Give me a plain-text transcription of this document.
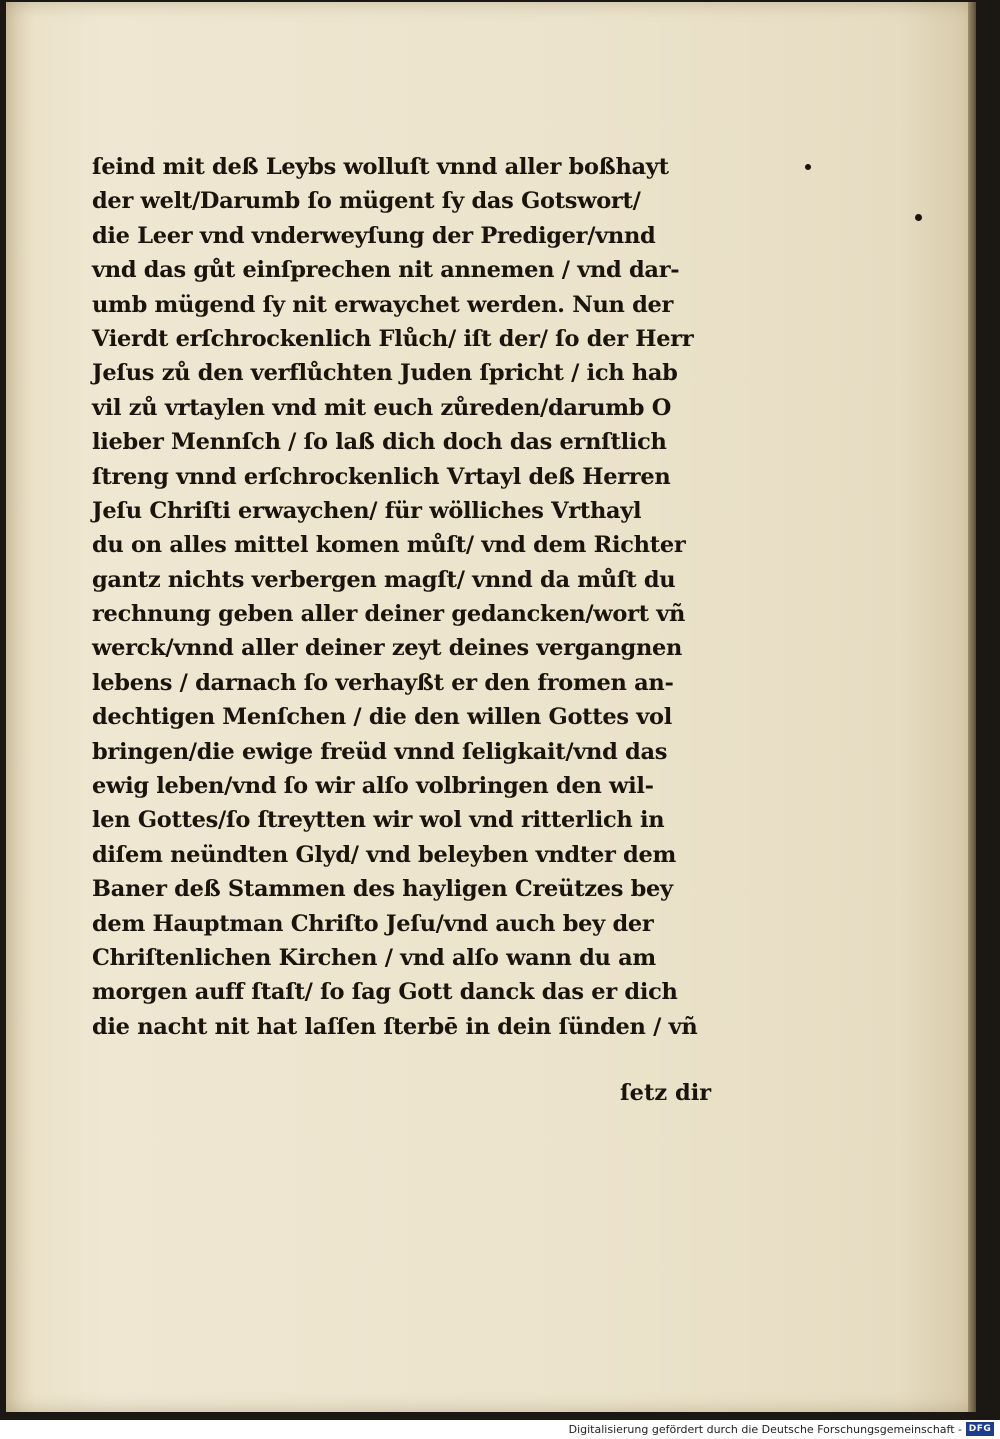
ſeind mit deß Leybs wolluſt vnnd aller boßhayt
der welt/Darumb ſo mügent ſy das Gotswort/
die Leer vnd vnderweyſung der Prediger/vnnd
vnd das gůt einſprechen nit annemen / vnd dar-
umb mügend ſy nit erwaychet werden. Nun der
Vierdt erſchrockenlich Flůch/ iſt der/ ſo der Herr
Jeſus zů den verflůchten Juden ſpricht / ich hab
vil zů vrtaylen vnd mit euch zůreden/darumb O
lieber Mennſch / ſo laß dich doch das ernſtlich
ſtreng vnnd erſchrockenlich Vrtayl deß Herren
Jeſu Chriſti erwaychen/ für wölliches Vrthayl
du on alles mittel komen můſt/ vnd dem Richter
gantz nichts verbergen magſt/ vnnd da můſt du
rechnung geben aller deiner gedancken/wort vñ
werck/vnnd aller deiner zeyt deines vergangnen
lebens / darnach ſo verhayßt er den fromen an-
dechtigen Menſchen / die den willen Gottes vol
bringen/die ewige freüd vnnd ſeligkait/vnd das
ewig leben/vnd ſo wir alſo volbringen den wil-
len Gottes/ſo ſtreytten wir wol vnd ritterlich in
diſem neündten Glyd/ vnd beleyben vndter dem
Baner deß Stammen des hayligen Creützes bey
dem Hauptman Chriſto Jeſu/vnd auch bey der
Chriſtenlichen Kirchen / vnd alſo wann du am
morgen auff ſtaſt/ ſo ſag Gott danck das er dich
die nacht nit hat laſſen ſterbē in dein ſünden / vñ
ſetz dir
Digitalisierung gefördert durch die Deutsche Forschungsgemeinschaft - DFG
